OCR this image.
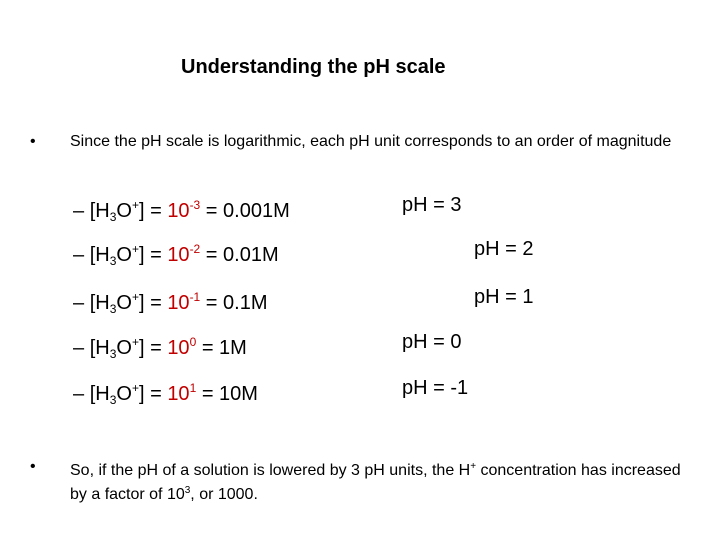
Understanding the pH scale
• Since the pH scale is logarithmic, each pH unit corresponds to an order of magnitude
– $[H_3O^+] = 10^{-3} = 0.001M$	pH = 3
– $[H_3O^+] = 10^{-2} = 0.01M$	pH = 2
– $[H_3O^+] = 10^{-1} = 0.1M$	pH = 1
– $[H_3O^+] = 10^0 = 1M$	pH = 0
– $[H_3O^+] = 10^1 = 10M$	pH = -1
• So, if the pH of a solution is lowered by 3 pH units, the H+ concentration has increased by a factor of $10^3$, or 1000.
